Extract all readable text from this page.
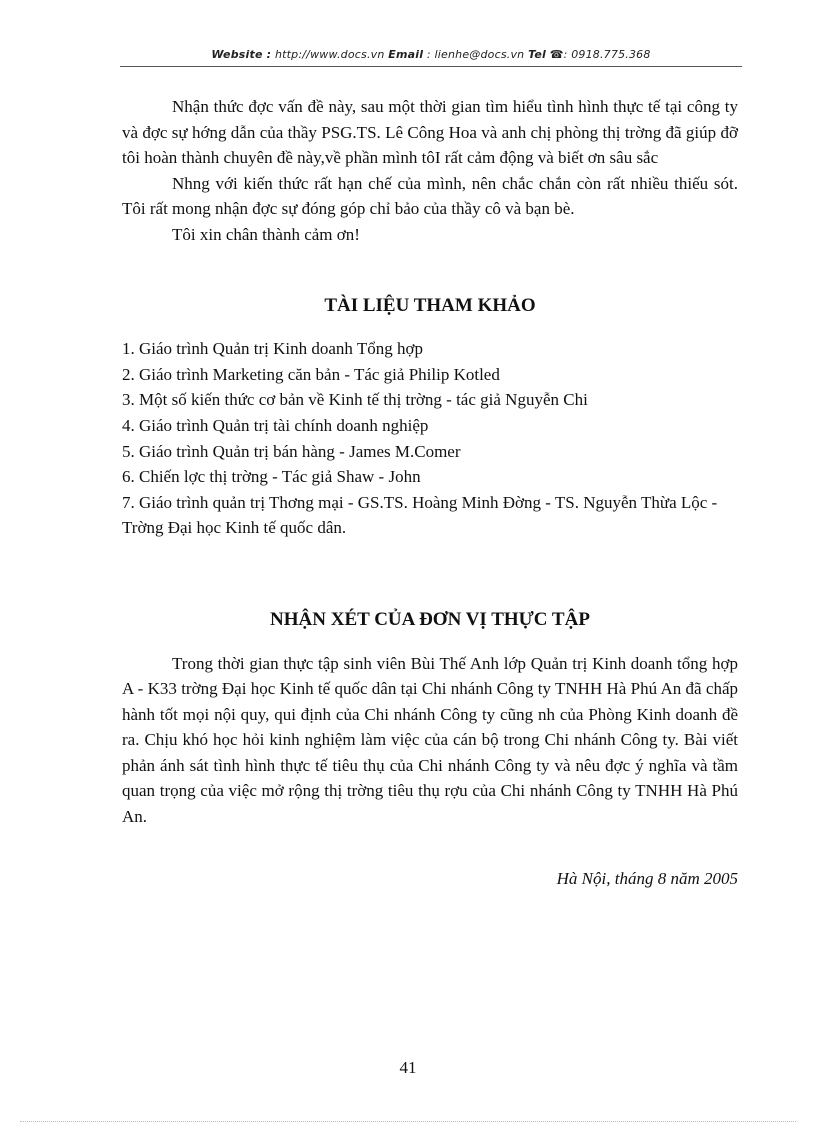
Website : http://www.docs.vn Email : lienhe@docs.vn Tel ☎: 0918.775.368

Nhận thức đợc vấn đề này, sau một thời gian tìm hiểu tình hình thực tế tại công ty và đợc sự hớng dẫn của thầy PSG.TS. Lê Công Hoa và anh chị phòng thị trờng đã giúp đỡ tôi hoàn thành chuyên đề này,về phần mình tôI rất cảm động và biết ơn sâu sắc

Nhng với kiến thức rất hạn chế của mình, nên chắc chắn còn rất nhiều thiếu sót. Tôi rất mong nhận đợc sự đóng góp chỉ bảo của thầy cô và bạn bè.

Tôi xin chân thành cảm ơn!

TÀI LIỆU THAM KHẢO
1. Giáo trình Quản trị Kinh doanh Tổng hợp
2. Giáo trình Marketing căn bản - Tác giả Philip Kotled
3. Một số kiến thức cơ bản về Kinh tế thị trờng - tác giả Nguyễn Chi
4. Giáo trình Quản trị tài chính doanh nghiệp
5. Giáo trình Quản trị bán hàng - James M.Comer
6. Chiến lợc thị trờng - Tác giả Shaw - John
7. Giáo trình quản trị Thơng mại - GS.TS. Hoàng Minh Đờng - TS. Nguyễn Thừa Lộc - Trờng Đại học Kinh tế quốc dân.
NHẬN XÉT CỦA ĐƠN VỊ THỰC TẬP

Trong thời gian thực tập sinh viên Bùi Thế Anh lớp Quản trị Kinh doanh tổng hợp A - K33 trờng Đại học Kinh tế quốc dân tại Chi nhánh Công ty TNHH Hà Phú An đã chấp hành tốt mọi nội quy, qui định của Chi nhánh Công ty cũng nh của Phòng Kinh doanh đề ra. Chịu khó học hỏi kinh nghiệm làm việc của cán bộ trong Chi nhánh Công ty. Bài viết phản ánh sát tình hình thực tế tiêu thụ của Chi nhánh Công ty và nêu đợc ý nghĩa và tầm quan trọng của việc mở rộng thị trờng tiêu thụ rợu của Chi nhánh Công ty TNHH Hà Phú An.

Hà Nội, tháng 8 năm 2005

41
